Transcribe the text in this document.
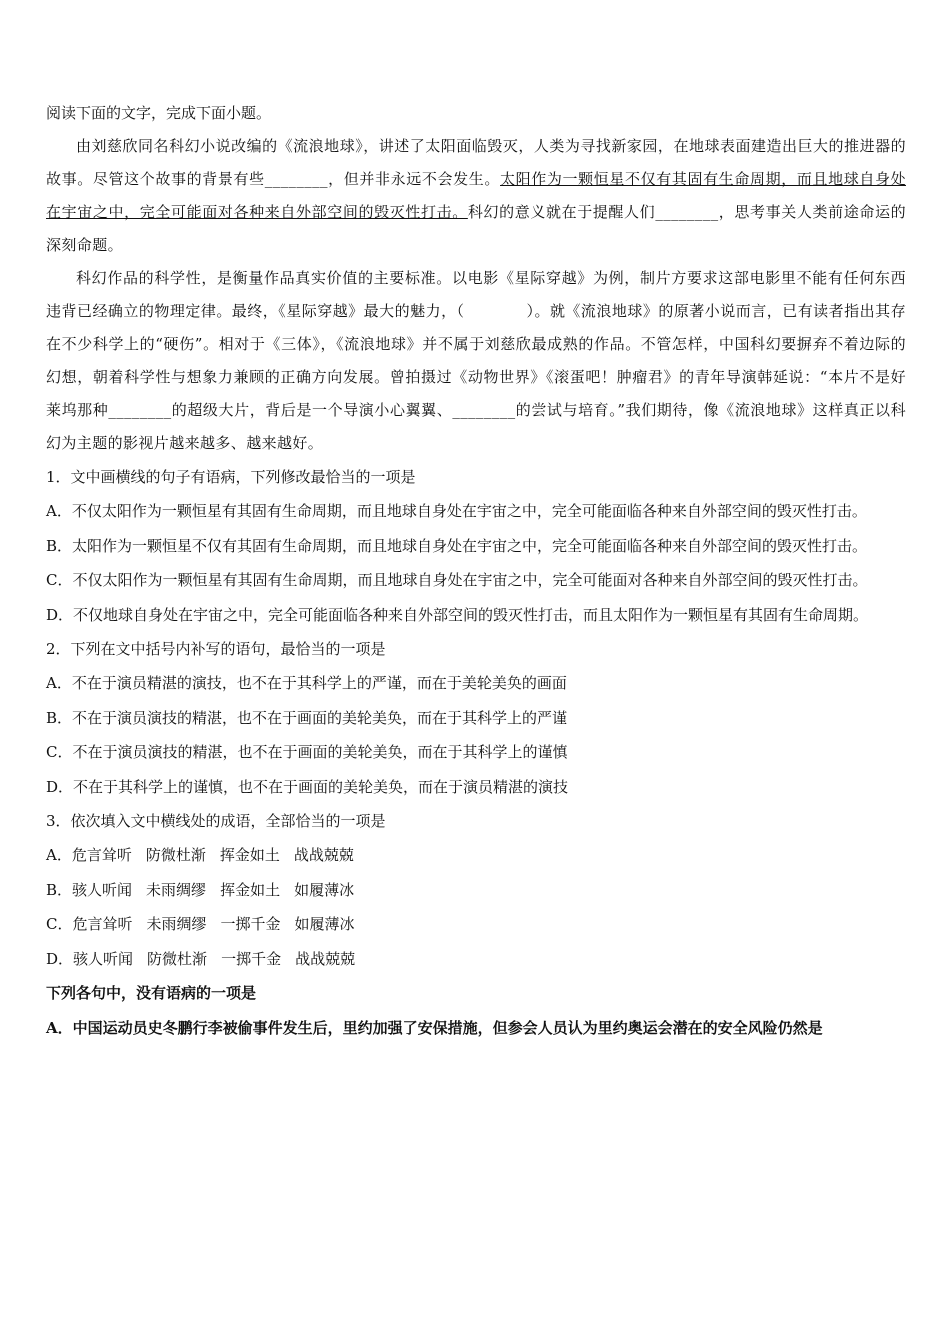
阅读下面的文字，完成下面小题。
由刘慈欣同名科幻小说改编的《流浪地球》，讲述了太阳面临毁灭，人类为寻找新家园，在地球表面建造出巨大的推进器的故事。尽管这个故事的背景有些________，但并非永远不会发生。太阳作为一颗恒星不仅有其固有生命周期，而且地球自身处在宇宙之中，完全可能面对各种来自外部空间的毁灭性打击。科幻的意义就在于提醒人们________，思考事关人类前途命运的深刻命题。
科幻作品的科学性，是衡量作品真实价值的主要标准。以电影《星际穿越》为例，制片方要求这部电影里不能有任何东西违背已经确立的物理定律。最终，《星际穿越》最大的魅力，（　　　　	）。就《流浪地球》的原著小说而言，已有读者指出其存在不少科学上的“硬伤”。相对于《三体》，《流浪地球》并不属于刘慈欣最成熟的作品。不管怎样，中国科幻要摒弃不着边际的幻想，朝着科学性与想象力兼顾的正确方向发展。曾拍摄过《动物世界》《滚蛋吧！肿瘤君》的青年导演韩延说：“本片不是好莱坞那种________的超级大片，背后是一个导演小心翼翼、________的尝试与培育。”我们期待，像《流浪地球》这样真正以科幻为主题的影视片越来越多、越来越好。
1．文中画横线的句子有语病，下列修改最恰当的一项是
A．不仅太阳作为一颗恒星有其固有生命周期，而且地球自身处在宇宙之中，完全可能面临各种来自外部空间的毁灭性打击。
B．太阳作为一颗恒星不仅有其固有生命周期，而且地球自身处在宇宙之中，完全可能面临各种来自外部空间的毁灭性打击。
C．不仅太阳作为一颗恒星有其固有生命周期，而且地球自身处在宇宙之中，完全可能面对各种来自外部空间的毁灭性打击。
D．不仅地球自身处在宇宙之中，完全可能面临各种来自外部空间的毁灭性打击，而且太阳作为一颗恒星有其固有生命周期。
2．下列在文中括号内补写的语句，最恰当的一项是
A．不在于演员精湛的演技，也不在于其科学上的严谨，而在于美轮美奂的画面
B．不在于演员演技的精湛，也不在于画面的美轮美奂，而在于其科学上的严谨
C．不在于演员演技的精湛，也不在于画面的美轮美奂，而在于其科学上的谨慎
D．不在于其科学上的谨慎，也不在于画面的美轮美奂，而在于演员精湛的演技
3．依次填入文中横线处的成语，全部恰当的一项是
A．危言耸听 防微杜渐 挥金如土 战战兢兢
B．骇人听闻 未雨绸缪 挥金如土 如履薄冰
C．危言耸听 未雨绸缪 一掷千金 如履薄冰
D．骇人听闻 防微杜渐 一掷千金 战战兢兢
下列各句中，没有语病的一项是
A．中国运动员史冬鹏行李被偷事件发生后，里约加强了安保措施，但参会人员认为里约奥运会潜在的安全风险仍然是
